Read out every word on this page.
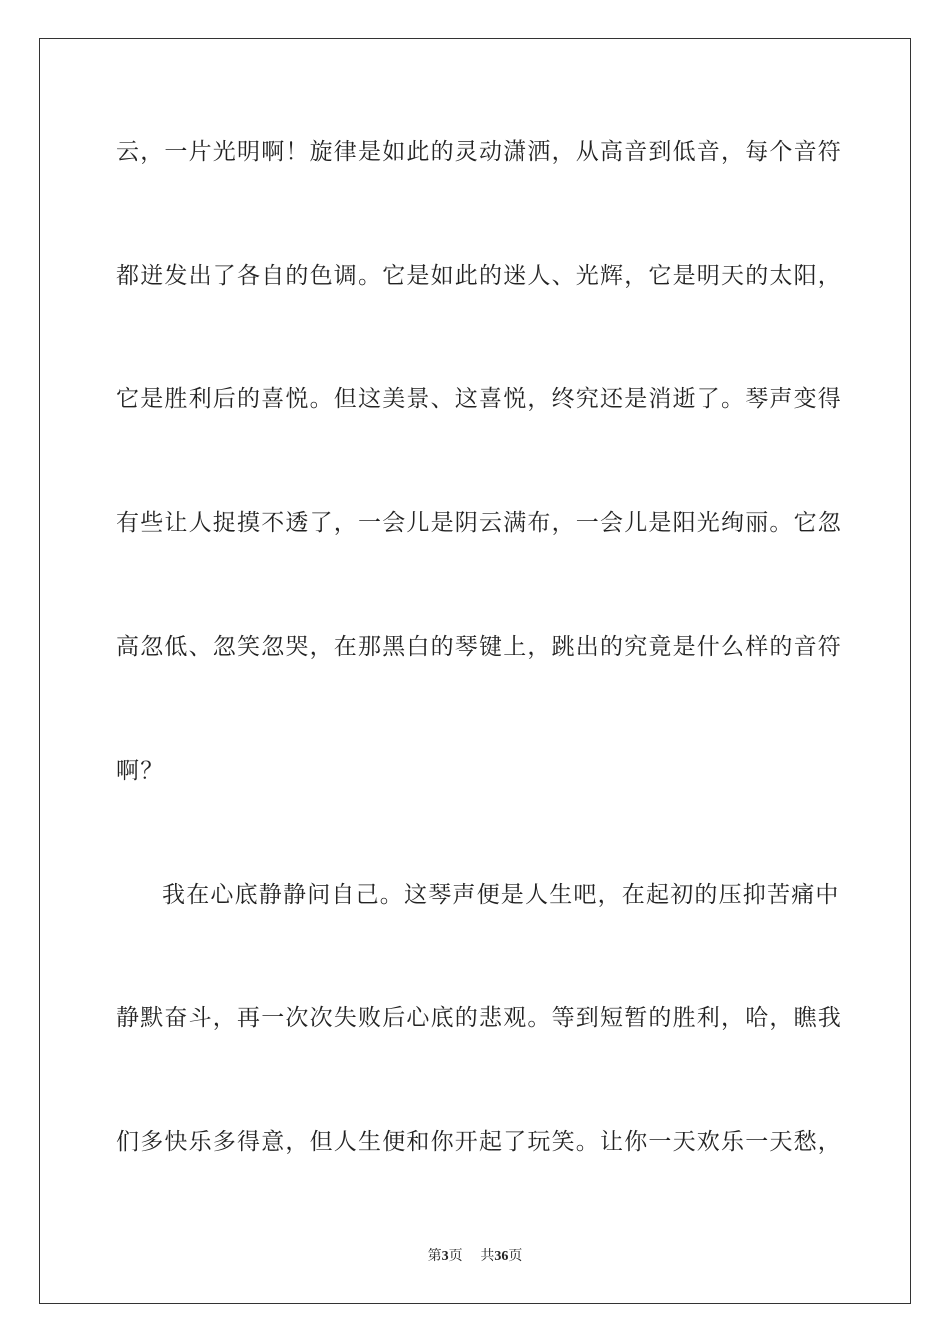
云，一片光明啊！旋律是如此的灵动潇洒，从高音到低音，每个音符
都迸发出了各自的色调。它是如此的迷人、光辉，它是明天的太阳，
它是胜利后的喜悦。但这美景、这喜悦，终究还是消逝了。琴声变得
有些让人捉摸不透了，一会儿是阴云满布，一会儿是阳光绚丽。它忽
高忽低、忽笑忽哭，在那黑白的琴键上，跳出的究竟是什么样的音符
啊？
我在心底静静问自己。这琴声便是人生吧，在起初的压抑苦痛中
静默奋斗，再一次次失败后心底的悲观。等到短暂的胜利，哈，瞧我
们多快乐多得意，但人生便和你开起了玩笑。让你一天欢乐一天愁，
第3页 共36页
